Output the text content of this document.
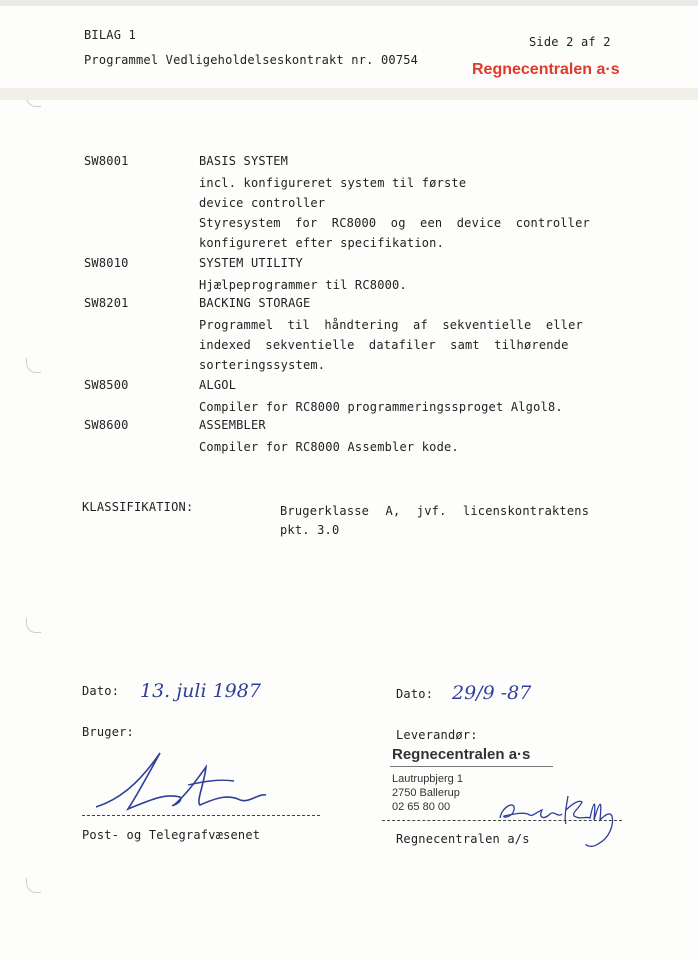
BILAG 1
Programmel Vedligeholdelseskontrakt nr. 00754
Side 2 af 2
Regnecentralen a·s
SW8001	BASIS SYSTEM
incl. konfigureret system til første
device controller
Styresystem for RC8000 og een device controller
konfigureret efter specifikation.
SW8010	SYSTEM UTILITY
Hjælpeprogrammer til RC8000.
SW8201	BACKING STORAGE
Programmel til håndtering af sekventielle eller
indexed sekventielle datafiler samt tilhørende
sorteringssystem.
SW8500	ALGOL
Compiler for RC8000 programmeringssproget Algol8.
SW8600	ASSEMBLER
Compiler for RC8000 Assembler kode.
KLASSIFIKATION:	Brugerklasse A, jvf. licenskontraktens
pkt. 3.0
Dato: 13. juli 1987
Bruger:
Post- og Telegrafvæsenet
Dato: 29/9 -87
Leverandør:
Regnecentralen a·s
Lautrupbjerg 1
2750 Ballerup
02 65 80 00
Regnecentralen a/s
